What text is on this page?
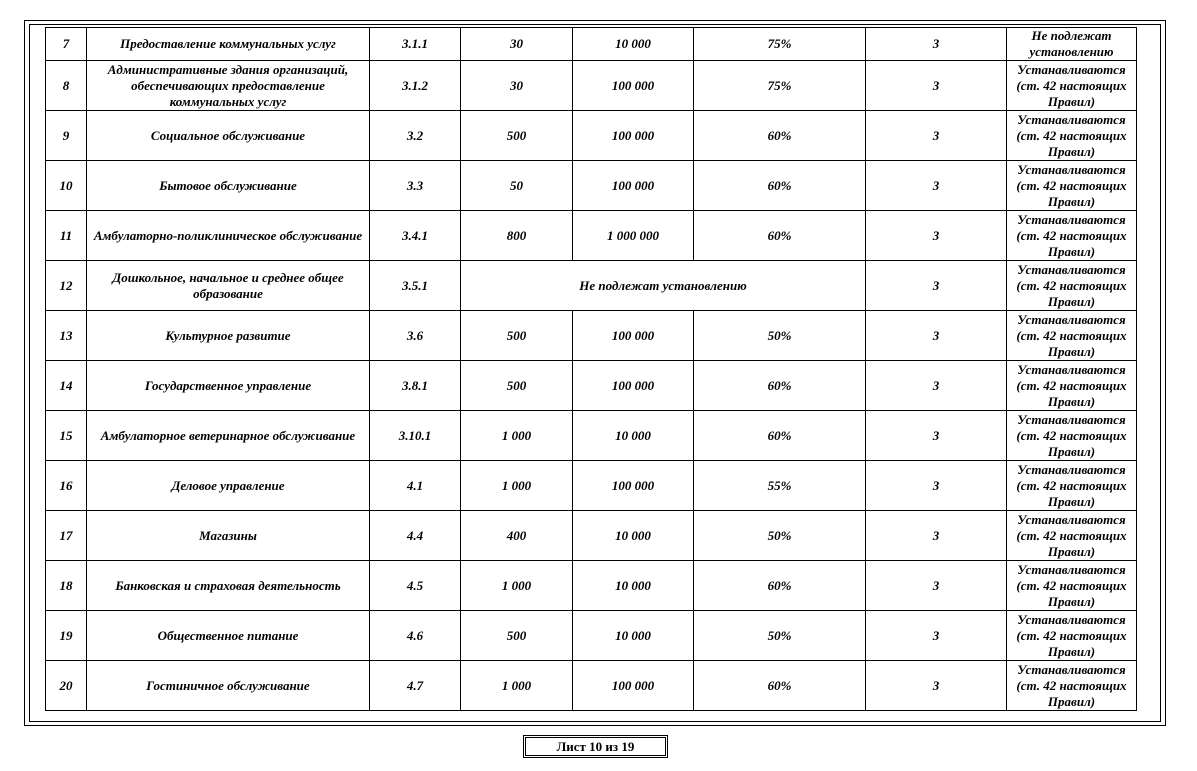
7	Предоставление коммунальных услуг	3.1.1	30	10 000	75%	3	Не подлежат установлению
8	Административные здания организаций, обеспечивающих предоставление коммунальных услуг	3.1.2	30	100 000	75%	3	Устанавливаются (ст. 42 настоящих Правил)
9	Социальное обслуживание	3.2	500	100 000	60%	3	Устанавливаются (ст. 42 настоящих Правил)
10	Бытовое обслуживание	3.3	50	100 000	60%	3	Устанавливаются (ст. 42 настоящих Правил)
11	Амбулаторно-поликлиническое обслуживание	3.4.1	800	1 000 000	60%	3	Устанавливаются (ст. 42 настоящих Правил)
12	Дошкольное, начальное и среднее общее образование	3.5.1	Не подлежат установлению			3	Устанавливаются (ст. 42 настоящих Правил)
13	Культурное развитие	3.6	500	100 000	50%	3	Устанавливаются (ст. 42 настоящих Правил)
14	Государственное управление	3.8.1	500	100 000	60%	3	Устанавливаются (ст. 42 настоящих Правил)
15	Амбулаторное ветеринарное обслуживание	3.10.1	1 000	10 000	60%	3	Устанавливаются (ст. 42 настоящих Правил)
16	Деловое управление	4.1	1 000	100 000	55%	3	Устанавливаются (ст. 42 настоящих Правил)
17	Магазины	4.4	400	10 000	50%	3	Устанавливаются (ст. 42 настоящих Правил)
18	Банковская и страховая деятельность	4.5	1 000	10 000	60%	3	Устанавливаются (ст. 42 настоящих Правил)
19	Общественное питание	4.6	500	10 000	50%	3	Устанавливаются (ст. 42 настоящих Правил)
20	Гостиничное обслуживание	4.7	1 000	100 000	60%	3	Устанавливаются (ст. 42 настоящих Правил)
Лист 10 из 19
